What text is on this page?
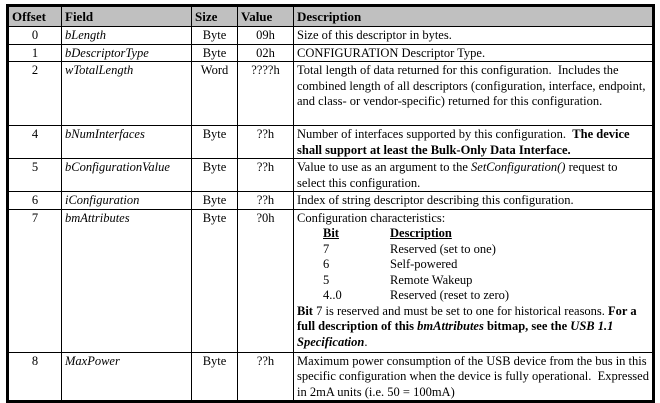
Offset	Field	Size	Value	Description
0	bLength	Byte	09h	Size of this descriptor in bytes.
1	bDescriptorType	Byte	02h	CONFIGURATION Descriptor Type.
2	wTotalLength	Word	????h	Total length of data returned for this configuration.  Includes the combined length of all descriptors (configuration, interface, endpoint, and class- or vendor-specific) returned for this configuration.
4	bNumInterfaces	Byte	??h	Number of interfaces supported by this configuration.  The device shall support at least the Bulk-Only Data Interface.
5	bConfigurationValue	Byte	??h	Value to use as an argument to the SetConfiguration() request to select this configuration.
6	iConfiguration	Byte	??h	Index of string descriptor describing this configuration.
7	bmAttributes	Byte	?0h	Configuration characteristics:
Bit	Description
7	Reserved (set to one)
6	Self-powered
5	Remote Wakeup
4..0	Reserved (reset to zero)
Bit 7 is reserved and must be set to one for historical reasons. For a full description of this bmAttributes bitmap, see the USB 1.1 Specification.

8	MaxPower	Byte	??h	Maximum power consumption of the USB device from the bus in this specific configuration when the device is fully operational.  Expressed in 2mA units (i.e. 50 = 100mA)
